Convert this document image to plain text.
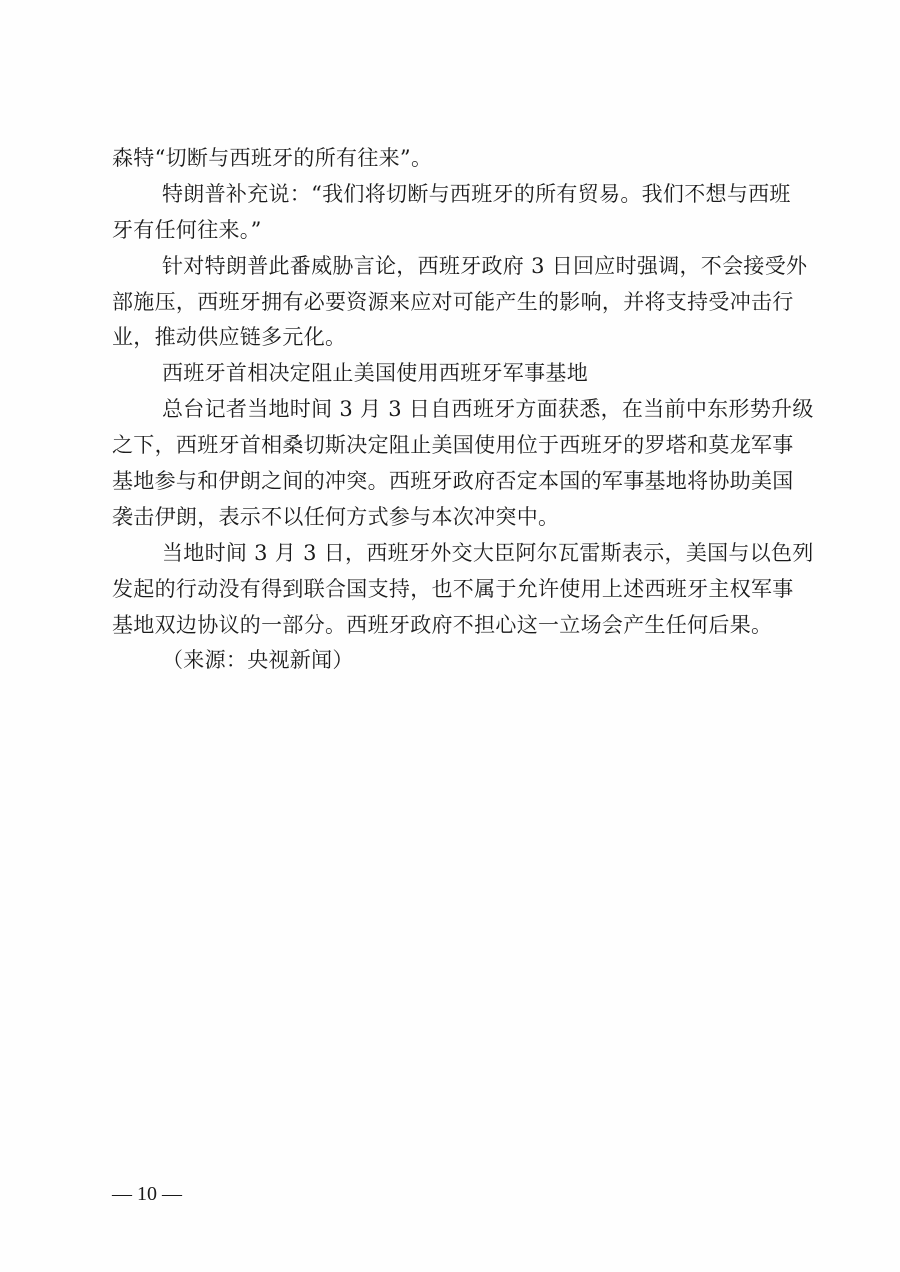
森特“切断与西班牙的所有往来”。
特朗普补充说：“我们将切断与西班牙的所有贸易。我们不想与西班
牙有任何往来。”
针对特朗普此番威胁言论，西班牙政府 3 日回应时强调，不会接受外
部施压，西班牙拥有必要资源来应对可能产生的影响，并将支持受冲击行
业，推动供应链多元化。
西班牙首相决定阻止美国使用西班牙军事基地
总台记者当地时间 3 月 3 日自西班牙方面获悉，在当前中东形势升级
之下，西班牙首相桑切斯决定阻止美国使用位于西班牙的罗塔和莫龙军事
基地参与和伊朗之间的冲突。西班牙政府否定本国的军事基地将协助美国
袭击伊朗，表示不以任何方式参与本次冲突中。
当地时间 3 月 3 日，西班牙外交大臣阿尔瓦雷斯表示，美国与以色列
发起的行动没有得到联合国支持，也不属于允许使用上述西班牙主权军事
基地双边协议的一部分。西班牙政府不担心这一立场会产生任何后果。
（来源：央视新闻）
— 10 —
